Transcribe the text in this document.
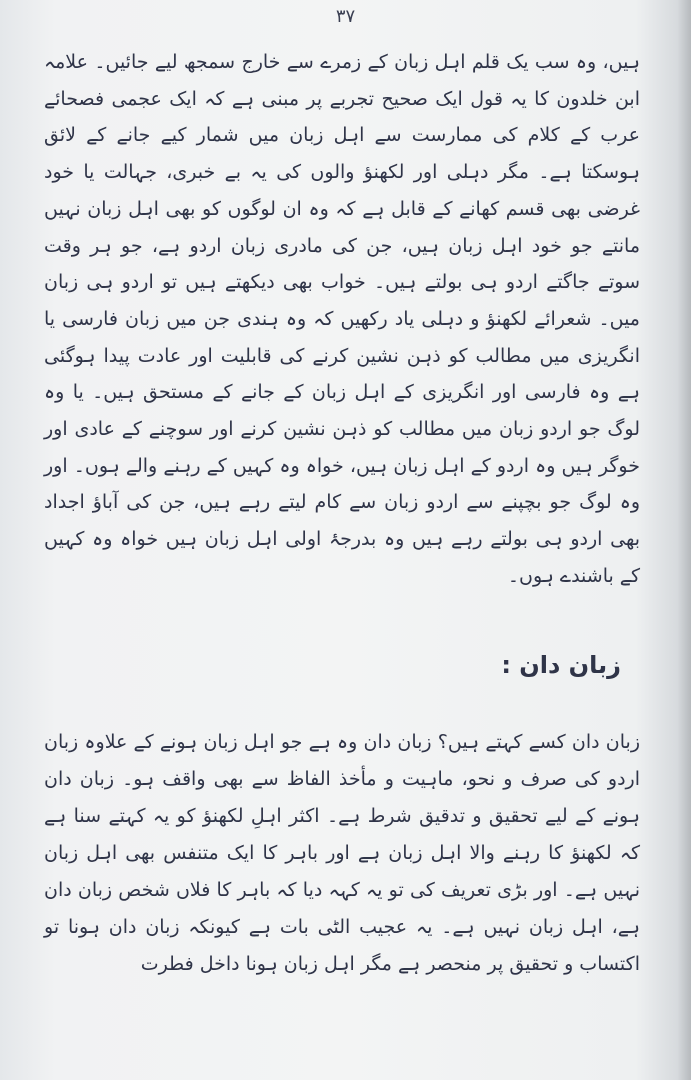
٣٧

ہیں، وہ سب یک قلم اہل زبان کے زمرے سے خارج سمجھ لیے جائیں۔ علامہ ابن خلدون کا یہ قول ایک صحیح تجربے پر مبنی ہے کہ ایک عجمی فصحائے عرب کے کلام کی ممارست سے اہل زبان میں شمار کیے جانے کے لائق ہوسکتا ہے۔ مگر دہلی اور لکھنؤ والوں کی یہ بے خبری، جہالت یا خود غرضی بھی قسم کھانے کے قابل ہے کہ وہ ان لوگوں کو بھی اہل زبان نہیں مانتے جو خود اہل زبان ہیں، جن کی مادری زبان اردو ہے، جو ہر وقت سوتے جاگتے اردو ہی بولتے ہیں۔ خواب بھی دیکھتے ہیں تو اردو ہی زبان میں۔ شعرائے لکھنؤ و دہلی یاد رکھیں کہ وہ ہندی جن میں زبان فارسی یا انگریزی میں مطالب کو ذہن نشین کرنے کی قابلیت اور عادت پیدا ہوگئی ہے وہ فارسی اور انگریزی کے اہل زبان کے جانے کے مستحق ہیں۔ یا وہ لوگ جو اردو زبان میں مطالب کو ذہن نشین کرنے اور سوچنے کے عادی اور خوگر ہیں وہ اردو کے اہل زبان ہیں، خواہ وہ کہیں کے رہنے والے ہوں۔ اور وہ لوگ جو بچپنے سے اردو زبان سے کام لیتے رہے ہیں، جن کی آباؤ اجداد بھی اردو ہی بولتے رہے ہیں وہ بدرجۂ اولی اہل زبان ہیں خواہ وہ کہیں کے باشندے ہوں۔

زبان دان :

زبان دان کسے کہتے ہیں؟ زبان دان وہ ہے جو اہل زبان ہونے کے علاوہ زبان اردو کی صرف و نحو، ماہیت و مأخذ الفاظ سے بھی واقف ہو۔ زبان دان ہونے کے لیے تحقیق و تدقیق شرط ہے۔ اکثر اہلِ لکھنؤ کو یہ کہتے سنا ہے کہ لکھنؤ کا رہنے والا اہل زبان ہے اور باہر کا ایک متنفس بھی اہل زبان نہیں ہے۔ اور بڑی تعریف کی تو یہ کہہ دیا کہ باہر کا فلاں شخص زبان دان ہے، اہل زبان نہیں ہے۔ یہ عجیب الٹی بات ہے کیونکہ زبان دان ہونا تو اکتساب و تحقیق پر منحصر ہے مگر اہل زبان ہونا داخل فطرت
